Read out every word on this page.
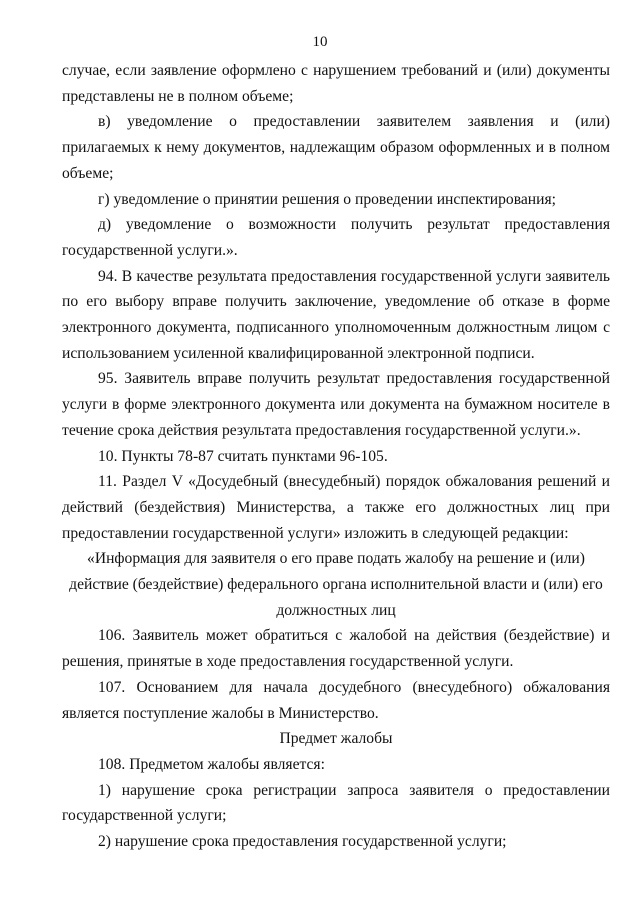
10

случае, если заявление оформлено с нарушением требований и (или) документы представлены не в полном объеме;

в) уведомление о предоставлении заявителем заявления и (или) прилагаемых к нему документов, надлежащим образом оформленных и в полном объеме;

г) уведомление о принятии решения о проведении инспектирования;

д) уведомление о возможности получить результат предоставления государственной услуги.».

94. В качестве результата предоставления государственной услуги заявитель по его выбору вправе получить заключение, уведомление об отказе в форме электронного документа, подписанного уполномоченным должностным лицом с использованием усиленной квалифицированной электронной подписи.

95. Заявитель вправе получить результат предоставления государственной услуги в форме электронного документа или документа на бумажном носителе в течение срока действия результата предоставления государственной услуги.».

10. Пункты 78-87 считать пунктами 96-105.

11. Раздел V «Досудебный (внесудебный) порядок обжалования решений и действий (бездействия) Министерства, а также его должностных лиц при предоставлении государственной услуги» изложить в следующей редакции:

«Информация для заявителя о его праве подать жалобу на решение и (или)
действие (бездействие) федерального органа исполнительной власти и (или) его
должностных лиц

106. Заявитель может обратиться с жалобой на действия (бездействие) и решения, принятые в ходе предоставления государственной услуги.

107. Основанием для начала досудебного (внесудебного) обжалования является поступление жалобы в Министерство.

Предмет жалобы

108. Предметом жалобы является:

1) нарушение срока регистрации запроса заявителя о предоставлении государственной услуги;

2) нарушение срока предоставления государственной услуги;
